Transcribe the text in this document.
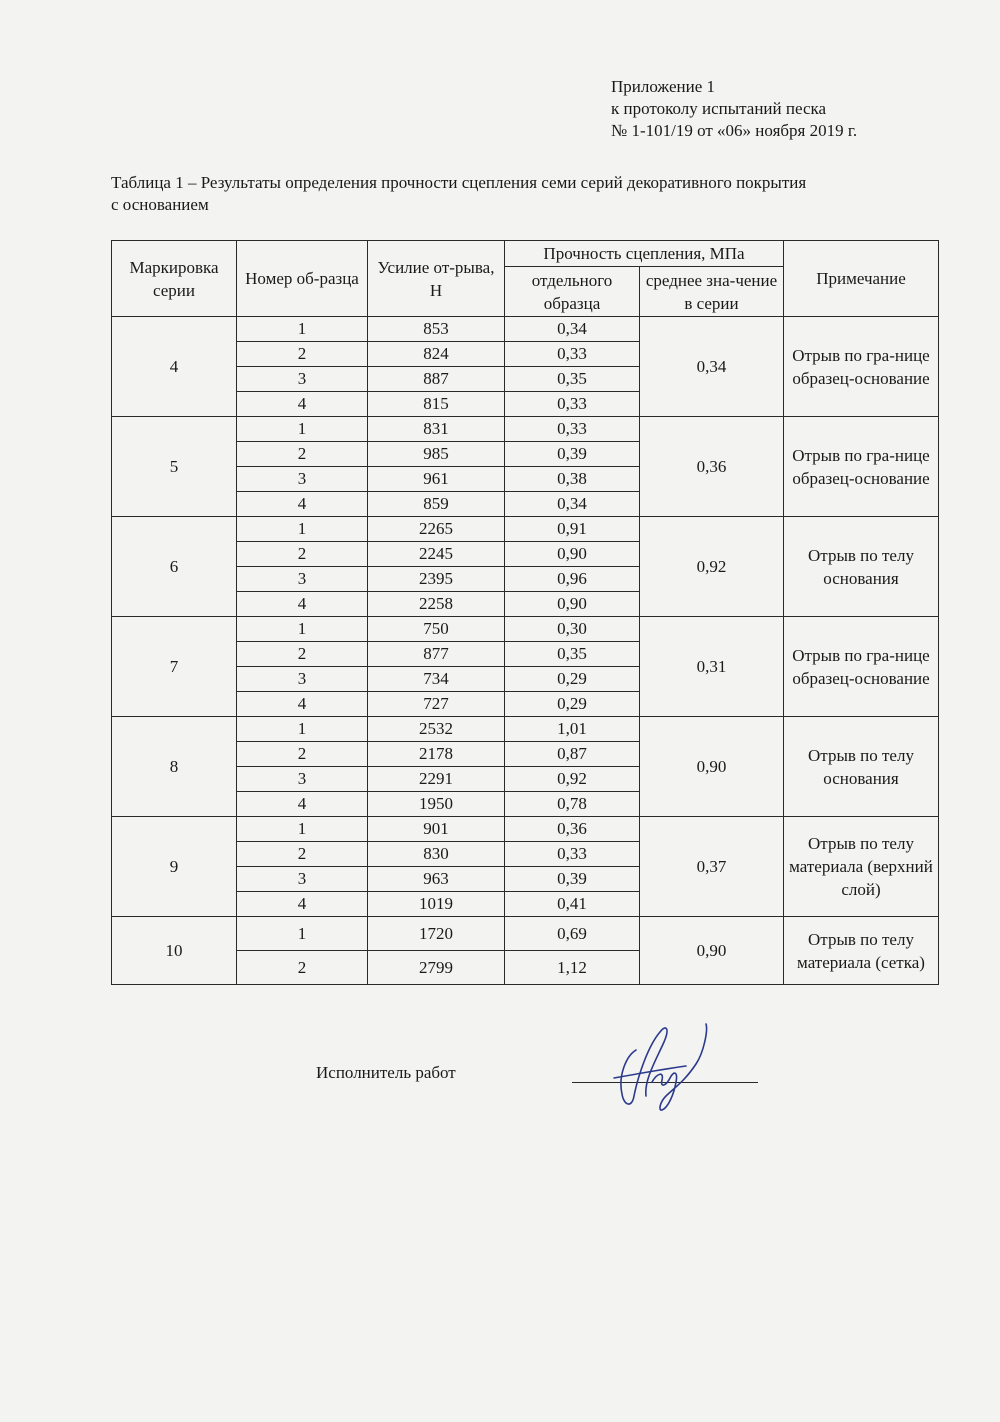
Приложение 1
к протоколу испытаний песка
№ 1-101/19 от «06» ноября 2019 г.
Таблица 1 – Результаты определения прочности сцепления семи серий декоративного покрытия
с основанием
Маркировка серии	Номер об-разца	Усилие от-рыва, Н	Прочность сцепления, МПа		Примечание
			отдельного образца	среднее зна-чение в серии	
4	1	853	0,34	0,34	Отрыв по гра-нице образец-основание
	2	824	0,33		
	3	887	0,35		
	4	815	0,33		
5	1	831	0,33	0,36	Отрыв по гра-нице образец-основание
	2	985	0,39		
	3	961	0,38		
	4	859	0,34		
6	1	2265	0,91	0,92	Отрыв по телу основания
	2	2245	0,90		
	3	2395	0,96		
	4	2258	0,90		
7	1	750	0,30	0,31	Отрыв по гра-нице образец-основание
	2	877	0,35		
	3	734	0,29		
	4	727	0,29		
8	1	2532	1,01	0,90	Отрыв по телу основания
	2	2178	0,87		
	3	2291	0,92		
	4	1950	0,78		
9	1	901	0,36	0,37	Отрыв по телу материала (верхний слой)
	2	830	0,33		
	3	963	0,39		
	4	1019	0,41		
10	1	1720	0,69	0,90	Отрыв по телу материала (сетка)
	2	2799	1,12		
Исполнитель работ
